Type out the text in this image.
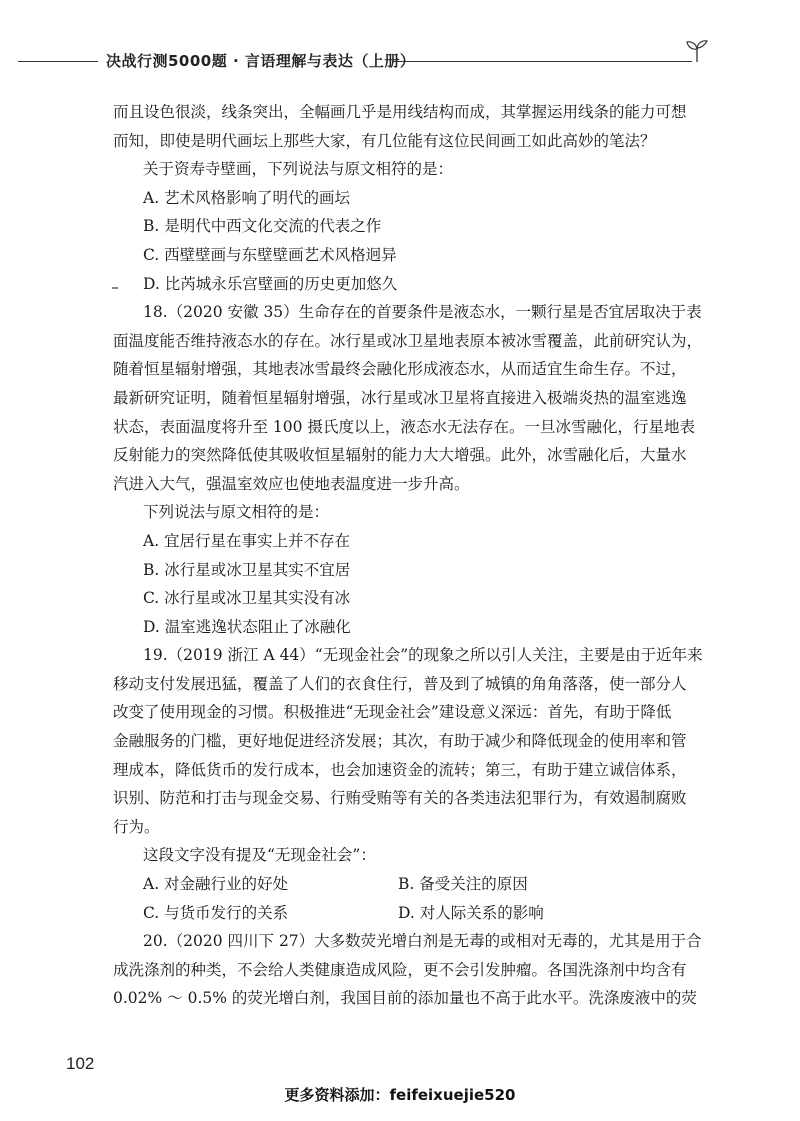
决战行测5000题 · 言语理解与表达（上册）

而且设色很淡，线条突出，全幅画几乎是用线结构而成，其掌握运用线条的能力可想

而知，即使是明代画坛上那些大家，有几位能有这位民间画工如此高妙的笔法？

关于资寿寺壁画，下列说法与原文相符的是：

A. 艺术风格影响了明代的画坛

B. 是明代中西文化交流的代表之作

C. 西壁壁画与东壁壁画艺术风格迥异

D. 比芮城永乐宫壁画的历史更加悠久

18.（2020 安徽 35）生命存在的首要条件是液态水，一颗行星是否宜居取决于表

面温度能否维持液态水的存在。冰行星或冰卫星地表原本被冰雪覆盖，此前研究认为，

随着恒星辐射增强，其地表冰雪最终会融化形成液态水，从而适宜生命生存。不过，

最新研究证明，随着恒星辐射增强，冰行星或冰卫星将直接进入极端炎热的温室逃逸

状态，表面温度将升至 100 摄氏度以上，液态水无法存在。一旦冰雪融化，行星地表

反射能力的突然降低使其吸收恒星辐射的能力大大增强。此外，冰雪融化后，大量水

汽进入大气，强温室效应也使地表温度进一步升高。

下列说法与原文相符的是：

A. 宜居行星在事实上并不存在

B. 冰行星或冰卫星其实不宜居

C. 冰行星或冰卫星其实没有冰

D. 温室逃逸状态阻止了冰融化

19.（2019 浙江 A 44）“无现金社会”的现象之所以引人关注，主要是由于近年来

移动支付发展迅猛，覆盖了人们的衣食住行，普及到了城镇的角角落落，使一部分人

改变了使用现金的习惯。积极推进“无现金社会”建设意义深远：首先，有助于降低

金融服务的门槛，更好地促进经济发展；其次，有助于减少和降低现金的使用率和管

理成本，降低货币的发行成本，也会加速资金的流转；第三，有助于建立诚信体系，

识别、防范和打击与现金交易、行贿受贿等有关的各类违法犯罪行为，有效遏制腐败

行为。

这段文字没有提及“无现金社会”：

A. 对金融行业的好处	B. 备受关注的原因
C. 与货币发行的关系	D. 对人际关系的影响

20.（2020 四川下 27）大多数荧光增白剂是无毒的或相对无毒的，尤其是用于合

成洗涤剂的种类，不会给人类健康造成风险，更不会引发肿瘤。各国洗涤剂中均含有

0.02% ～ 0.5% 的荧光增白剂，我国目前的添加量也不高于此水平。洗涤废液中的荧

102
更多资料添加：feifeixuejie520
